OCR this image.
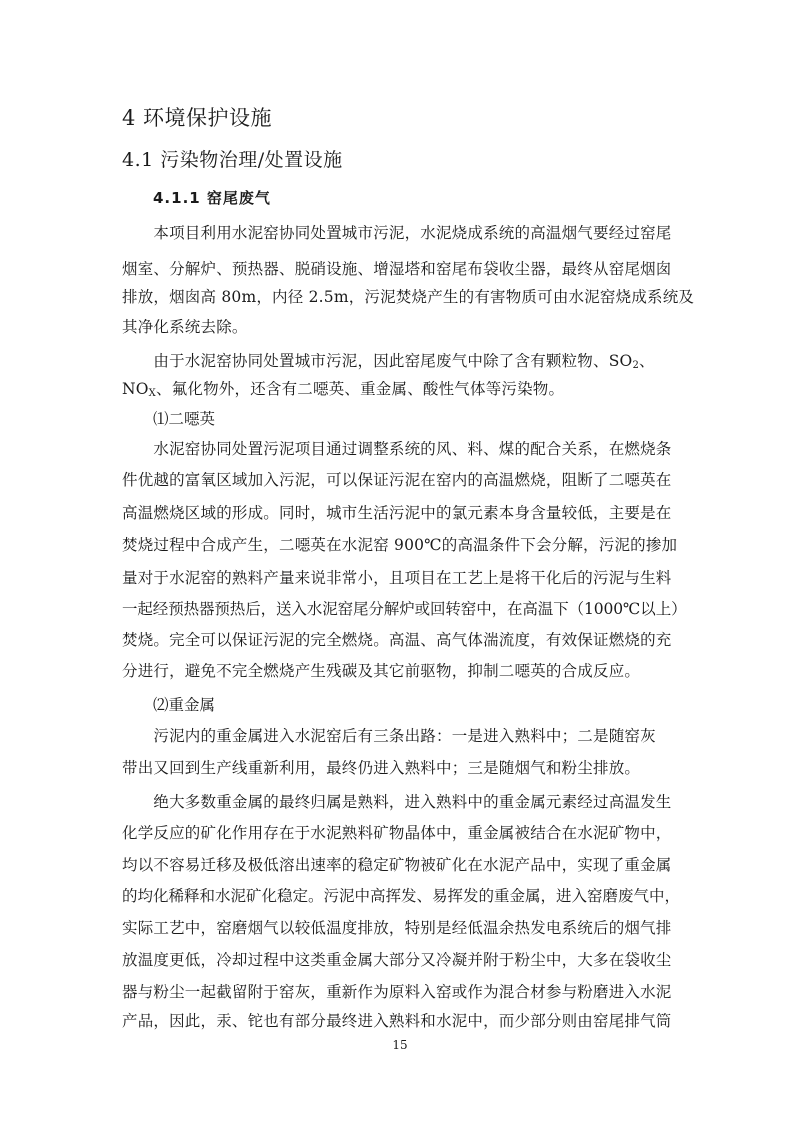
4 环境保护设施
4.1 污染物治理/处置设施
4.1.1 窑尾废气
　　本项目利用水泥窑协同处置城市污泥，水泥烧成系统的高温烟气要经过窑尾
烟室、分解炉、预热器、脱硝设施、增湿塔和窑尾布袋收尘器，最终从窑尾烟囱
排放，烟囱高 80m，内径 2.5m，污泥焚烧产生的有害物质可由水泥窑烧成系统及
其净化系统去除。
　　由于水泥窑协同处置城市污泥，因此窑尾废气中除了含有颗粒物、$SO_2$、
$NO_X$、氟化物外，还含有二噁英、重金属、酸性气体等污染物。
　　⑴二噁英
　　水泥窑协同处置污泥项目通过调整系统的风、料、煤的配合关系，在燃烧条
件优越的富氧区域加入污泥，可以保证污泥在窑内的高温燃烧，阻断了二噁英在
高温燃烧区域的形成。同时，城市生活污泥中的氯元素本身含量较低，主要是在
焚烧过程中合成产生，二噁英在水泥窑 900℃的高温条件下会分解，污泥的掺加
量对于水泥窑的熟料产量来说非常小，且项目在工艺上是将干化后的污泥与生料
一起经预热器预热后，送入水泥窑尾分解炉或回转窑中，在高温下（1000℃以上）
焚烧。完全可以保证污泥的完全燃烧。高温、高气体湍流度，有效保证燃烧的充
分进行，避免不完全燃烧产生残碳及其它前驱物，抑制二噁英的合成反应。
　　⑵重金属
　　污泥内的重金属进入水泥窑后有三条出路：一是进入熟料中；二是随窑灰
带出又回到生产线重新利用，最终仍进入熟料中；三是随烟气和粉尘排放。
　　绝大多数重金属的最终归属是熟料，进入熟料中的重金属元素经过高温发生
化学反应的矿化作用存在于水泥熟料矿物晶体中，重金属被结合在水泥矿物中，
均以不容易迁移及极低溶出速率的稳定矿物被矿化在水泥产品中，实现了重金属
的均化稀释和水泥矿化稳定。污泥中高挥发、易挥发的重金属，进入窑磨废气中，
实际工艺中，窑磨烟气以较低温度排放，特别是经低温余热发电系统后的烟气排
放温度更低，冷却过程中这类重金属大部分又冷凝并附于粉尘中，大多在袋收尘
器与粉尘一起截留附于窑灰，重新作为原料入窑或作为混合材参与粉磨进入水泥
产品，因此，汞、铊也有部分最终进入熟料和水泥中，而少部分则由窑尾排气筒
15
